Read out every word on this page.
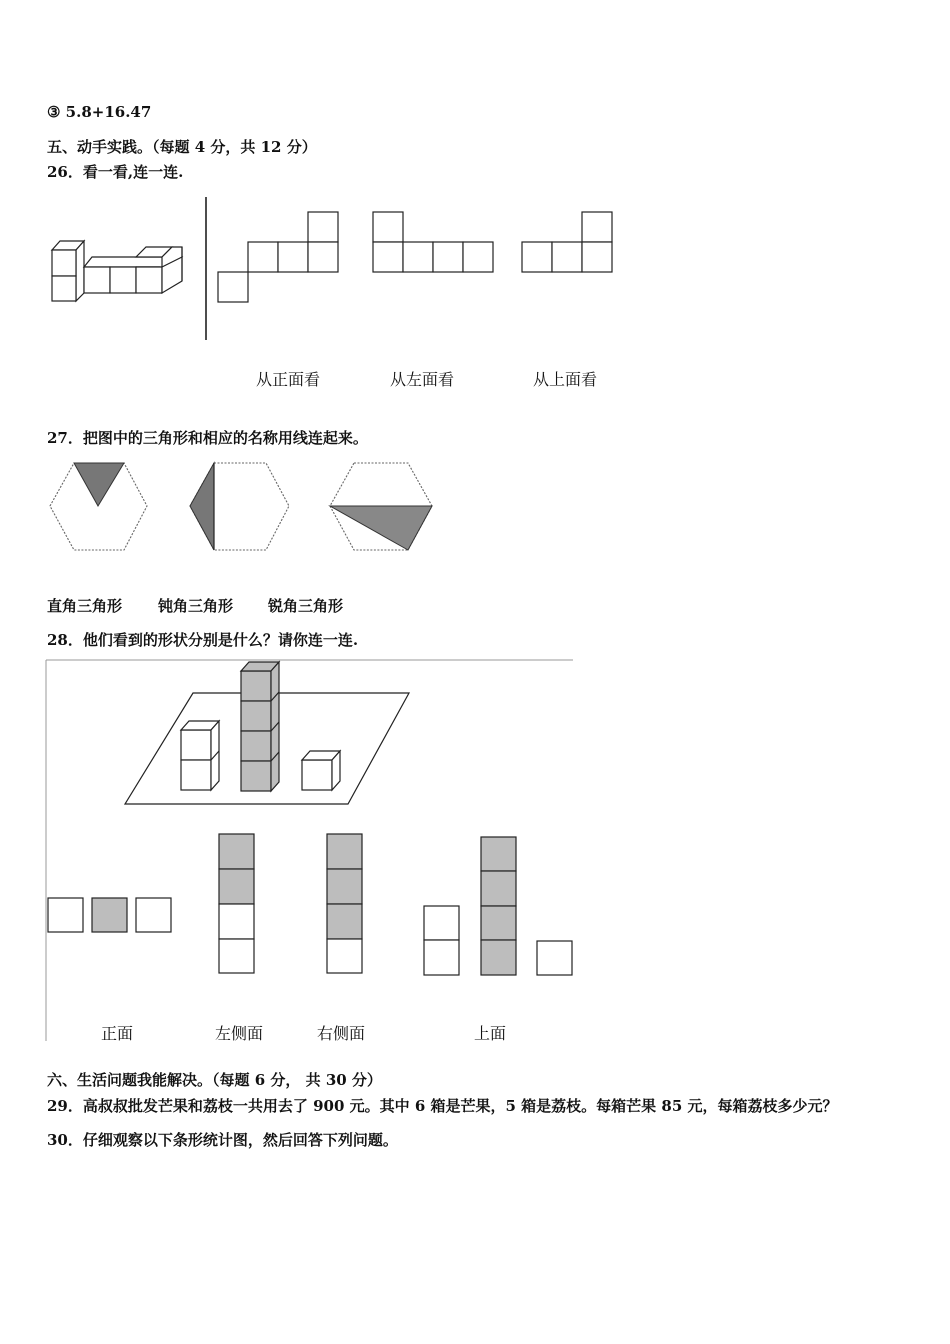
③ 5.8+16.47
五、动手实践。（每题 4 分，共 12 分）
26．看一看,连一连.
从正面看	从左面看	从上面看
27．把图中的三角形和相应的名称用线连起来。
直角三角形 钝角三角形 锐角三角形
28．他们看到的形状分别是什么？请你连一连.
正面	左侧面	右侧面	上面
六、生活问题我能解决。（每题 6 分， 共 30 分）
29．高叔叔批发芒果和荔枝一共用去了 900 元。其中 6 箱是芒果，5 箱是荔枝。每箱芒果 85 元，每箱荔枝多少元？
30．仔细观察以下条形统计图，然后回答下列问题。
